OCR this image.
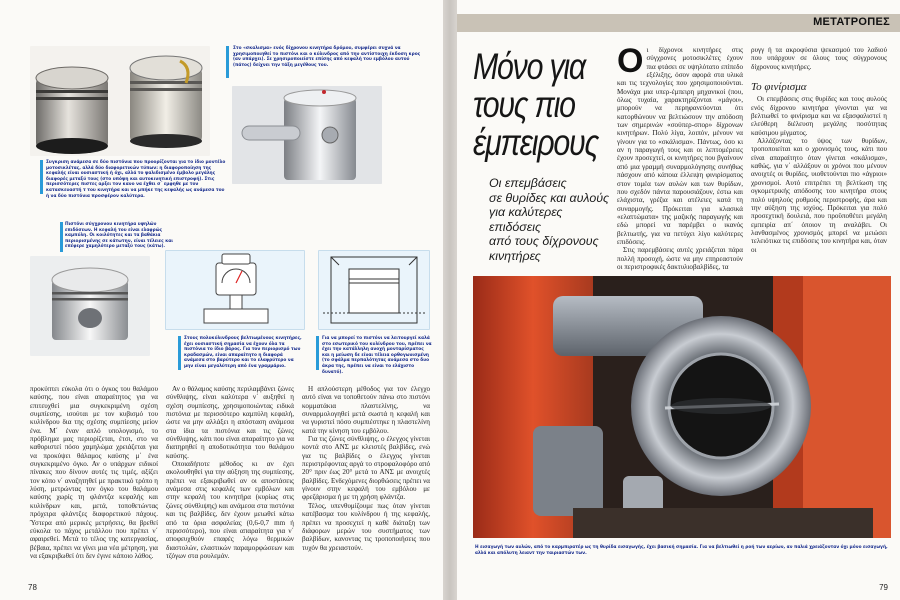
Στο «σκαλισμα» ενός δίχρονου κινητήρα δρόμου, συμφέρει συχνά να χρησιμοποιηθεί το πιστόνι και ο κύλινδρος από την αντίστοιχη έκδοση κρος (αν υπάρχει). Σε χρησιμοποιείστε επίσης από κεφαλή του εμβόλου αυτού (πάτος) δείχνει την τάξη μεγέθους του.
Συγκριση ανάμεσα σε δύο πιστόνια που προορίζονται για το ίδιο μοντέλο μοτοσικλέτας, αλλά δύο διαφορετικών τύπων: η διαφοροποίηση της κεφαλής είναι ουσιαστική ή όχι, αλλά το ψαλιδισμένο έμβολο μεγάλης διαφορές μεταξύ τους (στο υπόψη και αυτοκινητική επιστροφή). Στις περισσότερες πιστες αρξει τον κανο να έχθει σ΄ εμφηθε με τον κατασκευαστή τ του κινητήρα και να μπήκε της κεφαλής ως ανάμεσα του ή να δύο πιστόνια προσφέρον καλύτερα.
Πιστόνι σύγχρονου κινητήρα υψηλών επιδόσεων. Η κεφαλή του είναι ελαφρώς καμπύλη. Οι κοιλότητες και τα βαθάκια περιορισμένης σε κάτωτην, είναι τέλειες και επέφερε χαμηλότερο μεταξύ τους (κάτω).
Στους πολυκύλινδρους βελτιωμένους κινητήρες, έχει ουσιαστική σημασία να έχουν όλα τα πιστόνια το ίδιο βάρος. Για τον περιορισμό των κραδασμών, είναι απαραίτητο η διαφορά ανάμεσα στο βαρύτερο και το ελαφρύτερο να μην είναι μεγαλύτερη από ένα γραμμάριο.
Για να μπορεί το πιστόνι να λειτουργεί καλά στο εσωτερικό του κυλίνδρου του, πρέπει να έχει την κατάλληλη ανοχή μονταρίσματος και η μείωση δε είναι τέλεια ορθογωνισμένη (το σφάλμα περπαλότητας ανάμεσα στο δυο άκρα της, πρέπει να είναι το ελάχιστο δυνατό).

προκύπτει εύκολα ότι ο όγκος του θαλάμου καύσης, που είναι απαραίτητος για να επιτευχθεί μια συγκεκριμένη σχέση συμπίεσης, ισούται με τον κυβισμό του κυλίνδρου δια της σχέσης συμπίεσης μείον ένα. Μ΄ έναν απλό υπολογισμό, το πρόβλημα μας περιορίζεται, έτσι, στο να καθοριστεί πόσο χαμηλώμα χρειάζεται για να προκύψει θάλαμος καύσης μ΄ ένα συγκεκριμένο όγκο. Αν ο υπάρχων ειδικοί πίνακες που δίνουν αυτές τις τιμές, αξίζει τον κόπο ν΄ αναζητηθεί με πρακτικό τρόπο η λύση, μετρώντας τον όγκο του θαλάμου καύσης χωρίς τη φλάντζα κεφαλής και κυλίνδρων και, μετά, τοποθετώντας πρόχειρα φλάντζες διαφορετικού πάχους. Ύστερα από μερικές μετρήσεις, θα βρεθεί εύκολα το πάχος μετάλλου που πρέπει ν΄ αφαιρεθεί. Μετά το τέλος της κατεργασίας, βέβαια, πρέπει να γίνει μια νέα μέτρηση, για να εξακριβωθεί ότι δεν έγινε κάποιο λάθος.

Αν ο θάλαμος καύσης περιλαμβάνει ζώνες σύνθλιψης, είναι καλύτερα ν΄ αυξηθεί η σχέση συμπίεσης, χρησιμοποιώντας ειδικά πιστόνια με περισσότερο καμπύλη κεφαλή, ώστε να μην αλλάξει η απόσταση ανάμεσα στα ίδια τα πιστόνια και τις ζώνες σύνθλιψης, κάτι που είναι απαραίτητο για να διατηρηθεί η αποδοτικότητα του θαλάμου καύσης.

Οποιαδήποτε μέθοδος κι αν έχει ακολουθηθεί για την αύξηση της συμπίεσης, πρέπει να εξακριβωθεί αν οι αποστάσεις ανάμεσα στις κεφαλές των εμβόλων και στην κεφαλή του κινητήρα (κυρίως στις ζώνες σύνθλιψης) και ανάμεσα στα πιστόνια και τις βαλβίδες, δεν έχουν μειωθεί κάτω από τα όρια ασφαλείας (0,6-0,7 mm ή περισσότερο), που είναι απαραίτητα για ν΄ αποφευχθούν επαφές λόγω θερμικών διαστολών, ελαστικών παραμορφώσεων και τζόγων στα ρουλεμάν.

Η απλούστερη μέθοδος για τον έλεγχο αυτό είναι να τοποθετούν πάνω στο πιστόνι κομματάκια πλαστελίνης, να συναρμολογηθεί μετά σωστά η κεφαλή και να γυριστεί πόσο συμπιέστηκε η πλαστελίνη κατά την κίνηση του εμβόλου.

Για τις ζώνες σύνθλιψης, ο έλεγχος γίνεται κοντά στο ΑΝΣ με κλειστές βαλβίδες, ενώ για τις βαλβίδες ο έλεγχος γίνεται περιστρέφοντας αργά το στροφαλοφόρο από 20° πριν έως 20° μετά το ΑΝΣ με ανοιχτές βαλβίδες. Ενδεχόμενες διορθώσεις πρέπει να γίνουν στην κεφαλή του εμβόλου με φρεζάρισμα ή με τη χρήση φλάντζα.

Τέλος, υπενθυμίζουμε πως όταν γίνεται κατέβασμα του κυλίνδρου ή της κεφαλής, πρέπει να προσεχτεί η καθέ διάταξη των διάφορων μερών του συστήματος των βαλβίδων, κανοντας τις τροποποιήσεις που τυχόν θα χρειαστούν.

78
ΜΕΤΑΤΡΟΠΕΣ
Μόνο για
τους πιο
έμπειρους
Οι επεμβάσεις
σε θυρίδες και αυλούς
για καλύτερες
επιδόσεις
από τους δίχρονους
κινητήρες

Οι δίχρονοι κινητήρες στις σύγχρονες μοτοσικλέτες έχουν πια φτάσει σε υψηλότατο επίπεδο εξέλιξης, όσον αφορά στα υλικά και τις τεχνολογίες που χρησιμοποιούνται. Μονάχα μια υπερ-έμπειρη μηχανικοί (που, όλως τυχαία, χαρακτηρίζονται «μάγοι», μπορούν να περηφανεύονται ότι κατορθώνουν να βελτιώσουν την απόδοση των σημερινών «σούπερ-σπορ» δίχρονων κινητήρων. Πολύ λίγα, λοιπόν, μένουν να γίνουν για το «σκάλισμα». Πάντως, όσο κι αν η παραγωγή τους και οι λεπτομέρειες έχουν προσεχτεί, οι κινητήρες που βγαίνουν από μια γραμμή συναρμολόγησης συνήθως πάσχουν από κάποια έλλειψη φινιρίσματος στον τομέα των αυλών και των θυρίδων, που σχεδόν πάντα παρουσιάζουν, έστω και ελάχιστα, γρέζια και ατέλειες κατά τη συναρμογής. Πρόκειται για κλασικά «ελαττώματα» της μαζικής παραγωγής και εδώ μπορεί να παρέμβει ο ικανός βελτιωτής, για να πετύχει λίγο καλύτερες επιδόσεις.

Στις παρεμβάσεις αυτές χρειάζεται πάρα πολλή προσοχή, ώστε να μην επηρεαστούν οι περιστροφικές δακτυλιοβαλβίδες, τα

ρυγγ ή τα ακροφύσια ψεκασμού του λαδιού που υπάρχουν σε όλους τους σύγχρονους δίχρονους κινητήρες.

Το φινίρισμα

Οι επεμβάσεις στις θυρίδες και τους αυλούς ενός δίχρονου κινητήρα γίνονται για να βελτιωθεί το φινίρισμα και να εξασφαλιστεί η ελεύθερη διέλευση μεγάλης ποσότητας καύσιμου μίγματος.

Αλλάζοντας το ύψος των θυρίδων, τροποποιείται και ο χρονισμός τους, κάτι που είναι απαραίτητο όταν γίνεται «σκάλισμα», καθώς, για ν΄ αλλάξουν οι χρόνοι που μένουν ανοιχτές οι θυρίδες, υιοθετούνται πιο «άγριοι» χρονισμοί. Αυτό επιτρέπει τη βελτίωση της ογκομετρικής απόδοσης του κινητήρα στους πολύ υψηλούς ρυθμούς περιστροφής, άρα και την αύξηση της ισχύος. Πρόκειται για πολύ προσεχτική δουλειά, που προϋποθέτει μεγάλη εμπειρία απ΄ όποιον τη αναλάβει. Οι λανθασμένος χρονισμός μπορεί να μειώσει τελειότικα τις επιδόσεις του κινητήρα και, όταν οι

Η εισαγωγή των αυλών, από το καρμπιρατέρ ως τη θυρίδα εισαγωγής, έχει βασική σημασία. Για να βελτιωθεί η ροή των αερίων, αν παλιά χρειάζονταν όχι μόνο εισαγωγή, αλλά και απόλυτη λειαντ την ταιριαστών των.
79
